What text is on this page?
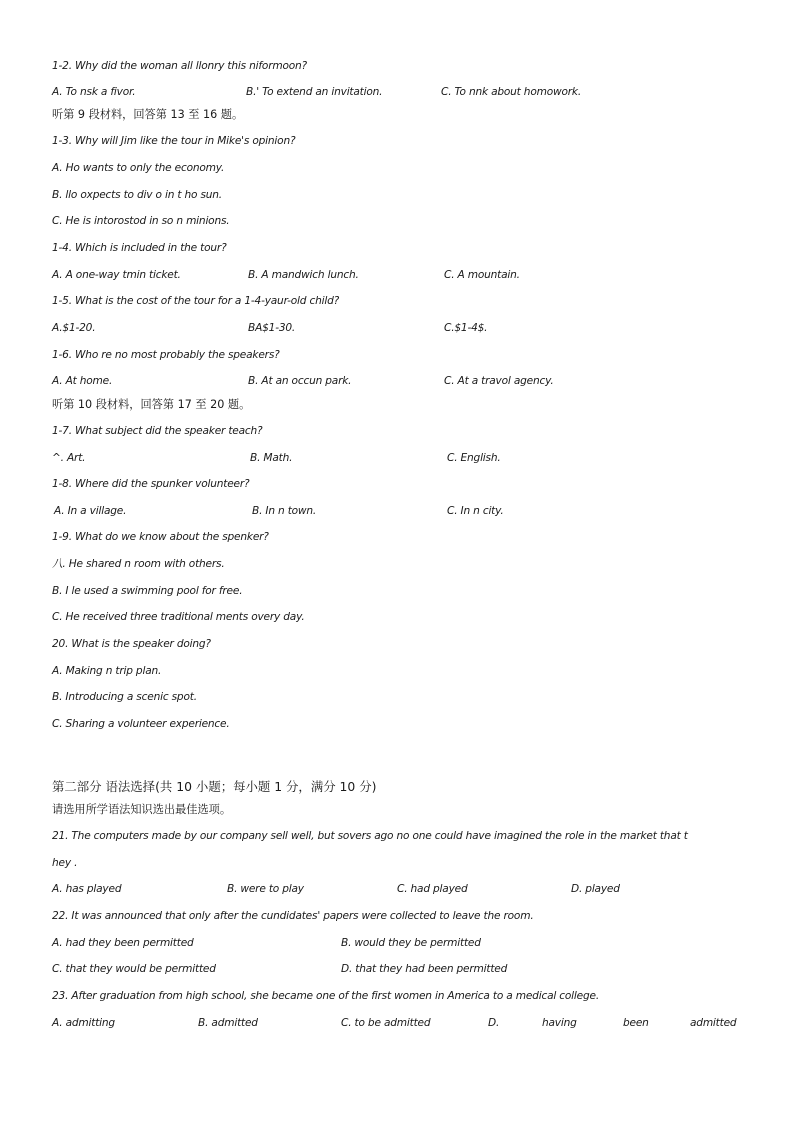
1-2. Why did the woman all llonry this niformoon?
A. To nsk a fivor.	B.' To extend an invitation.	C. To nnk about homowork.
听第 9 段材料，回答第 13 至 16 题。
1-3. Why will Jim like the tour in Mike's opinion?
A. Ho wants to only the economy.
B. llo oxpects to div o in t ho sun.
C. He is intorostod in so n minions.
1-4. Which is included in the tour?
A. A one-way tmin ticket.	B. A mandwich lunch.	C. A mountain.
1-5. What is the cost of the tour for a 1-4-yaur-old child?
A.$1-20.	BA$1-30.	C.$1-4$.
1-6. Who re no most probably the speakers?
A. At home.	B. At an occun park.	C. At a travol agency.
听第 10 段材料，回答第 17 至 20 题。
1-7. What subject did the speaker teach?
^. Art.	B. Math.	C. English.
1-8. Where did the spunker volunteer?
A. In a village.	B. In n town.	C. In n city.
1-9. What do we know about the spenker?
八. He shared n room with others.
B. I le used a swimming pool for free.
C. He received three traditional ments overy day.
20. What is the speaker doing?
A. Making n trip plan.
B. Introducing a scenic spot.
C. Sharing a volunteer experience.
第二部分 语法选择(共 10 小题；每小题 1 分，满分 10 分)
请选用所学语法知识选出最佳选项。
21. The computers made by our company sell well, but sovers ago no one could have imagined the role in the market that t
hey .
A. has played	B. were to play	C. had played	D. played
22. It was announced that only after the cundidates' papers were collected to leave the room.
A. had they been permitted	B. would they be permitted
C. that they would be permitted	D. that they had been permitted
23. After graduation from high school, she became one of the first women in America to a medical college.
A. admitting	B. admitted	C. to be admitted	D.	having	been	admitted
